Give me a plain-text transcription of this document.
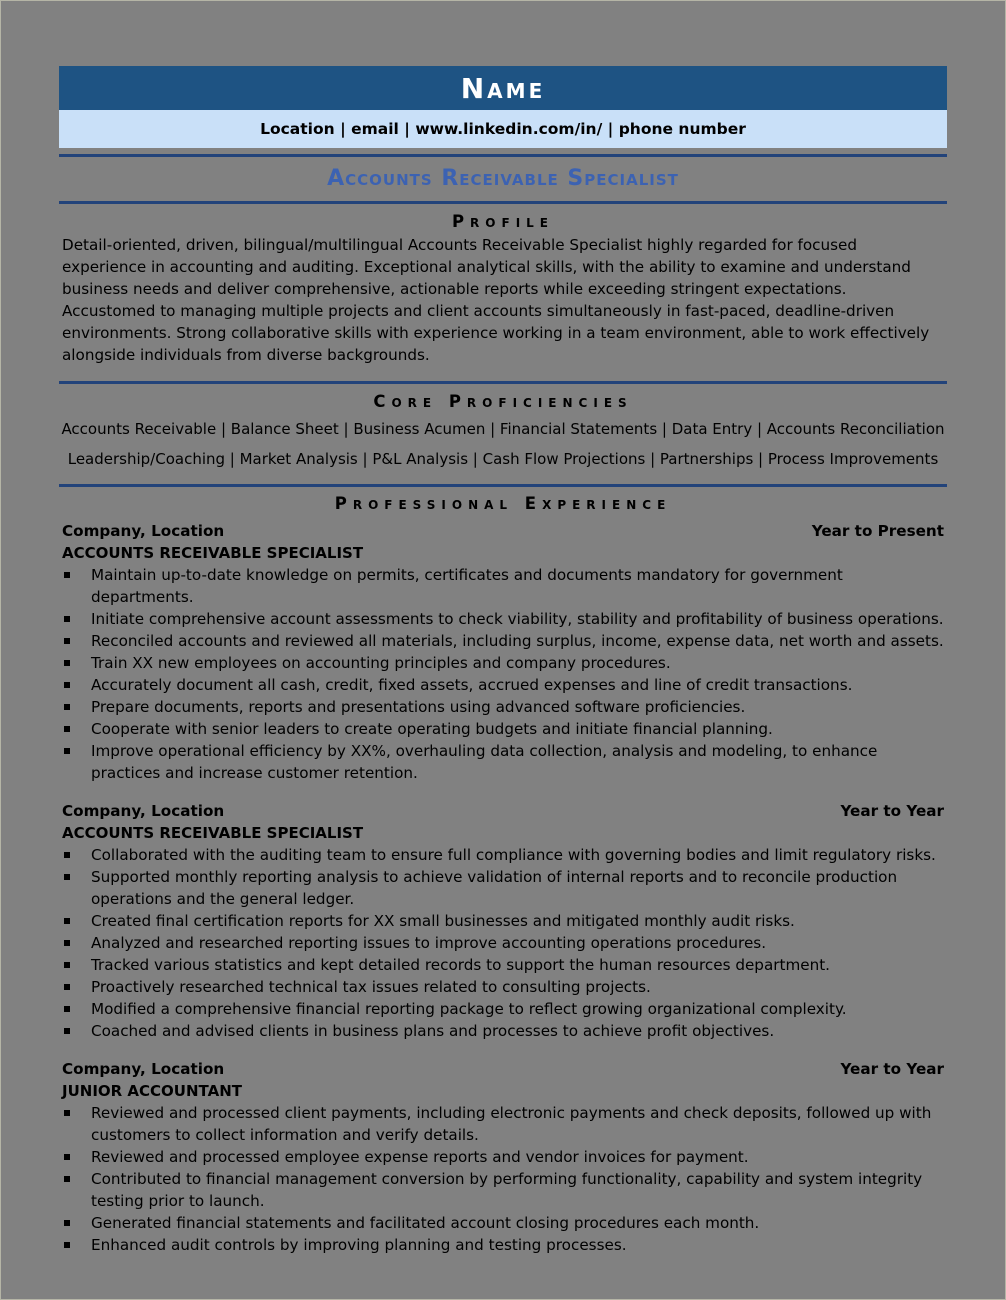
Name
Location | email | www.linkedin.com/in/ | phone number
Accounts Receivable Specialist
Profile
Detail-oriented, driven, bilingual/multilingual Accounts Receivable Specialist highly regarded for focused experience in accounting and auditing. Exceptional analytical skills, with the ability to examine and understand business needs and deliver comprehensive, actionable reports while exceeding stringent expectations. Accustomed to managing multiple projects and client accounts simultaneously in fast-paced, deadline-driven environments. Strong collaborative skills with experience working in a team environment, able to work effectively alongside individuals from diverse backgrounds.
Core Proficiencies
Accounts Receivable | Balance Sheet | Business Acumen | Financial Statements | Data Entry | Accounts Reconciliation
Leadership/Coaching | Market Analysis | P&L Analysis | Cash Flow Projections | Partnerships | Process Improvements
Professional Experience
Company, Location	Year to Present
ACCOUNTS RECEIVABLE SPECIALIST
Maintain up-to-date knowledge on permits, certificates and documents mandatory for government departments.
Initiate comprehensive account assessments to check viability, stability and profitability of business operations.
Reconciled accounts and reviewed all materials, including surplus, income, expense data, net worth and assets.
Train XX new employees on accounting principles and company procedures.
Accurately document all cash, credit, fixed assets, accrued expenses and line of credit transactions.
Prepare documents, reports and presentations using advanced software proficiencies.
Cooperate with senior leaders to create operating budgets and initiate financial planning.
Improve operational efficiency by XX%, overhauling data collection, analysis and modeling, to enhance practices and increase customer retention.
Company, Location	Year to Year
ACCOUNTS RECEIVABLE SPECIALIST
Collaborated with the auditing team to ensure full compliance with governing bodies and limit regulatory risks.
Supported monthly reporting analysis to achieve validation of internal reports and to reconcile production operations and the general ledger.
Created final certification reports for XX small businesses and mitigated monthly audit risks.
Analyzed and researched reporting issues to improve accounting operations procedures.
Tracked various statistics and kept detailed records to support the human resources department.
Proactively researched technical tax issues related to consulting projects.
Modified a comprehensive financial reporting package to reflect growing organizational complexity.
Coached and advised clients in business plans and processes to achieve profit objectives.
Company, Location	Year to Year
JUNIOR ACCOUNTANT
Reviewed and processed client payments, including electronic payments and check deposits, followed up with customers to collect information and verify details.
Reviewed and processed employee expense reports and vendor invoices for payment.
Contributed to financial management conversion by performing functionality, capability and system integrity testing prior to launch.
Generated financial statements and facilitated account closing procedures each month.
Enhanced audit controls by improving planning and testing processes.
